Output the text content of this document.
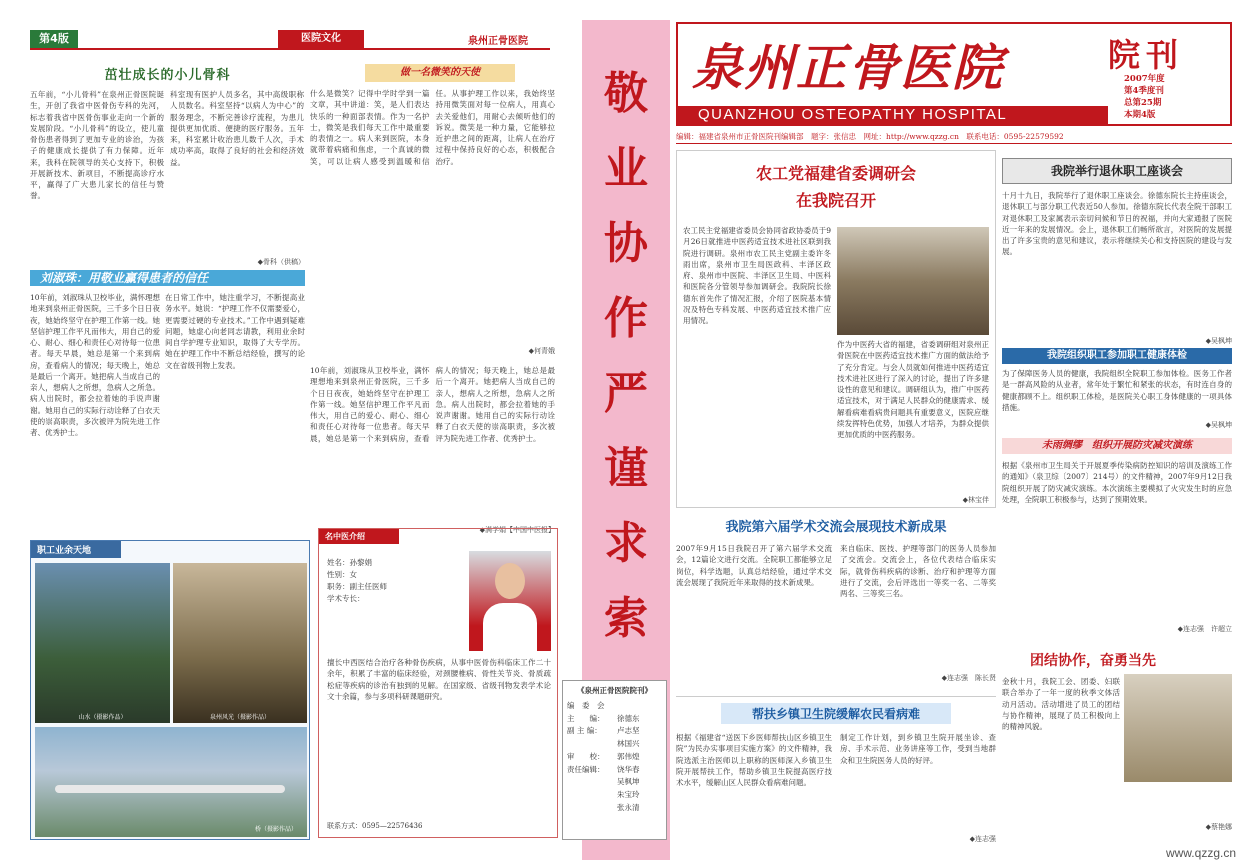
第4版	医院文化	泉州正骨医院
茁壮成长的小儿骨科
五年前，“小儿骨科”在泉州正骨医院诞生，开创了我省中医骨伤专科的先河，标志着我省中医骨伤事业走向一个新的发展阶段。“小儿骨科”的设立，使儿童骨伤患者得到了更加专业的诊治，为孩子的健康成长提供了有力保障。近年来，我科在院领导的关心支持下，积极开展新技术、新项目，不断提高诊疗水平，赢得了广大患儿家长的信任与赞誉。
科室现有医护人员多名，其中高级职称人员数名。科室坚持“以病人为中心”的服务理念，不断完善诊疗流程，为患儿提供更加优质、便捷的医疗服务。五年来，科室累计收治患儿数千人次，手术成功率高，取得了良好的社会和经济效益。
◆骨科（供稿）
做一名微笑的天使
什么是微笑？记得中学时学到一篇文章，其中讲道：笑，是人们表达快乐的一种面部表情。作为一名护士，微笑是我们每天工作中最重要的表情之一。病人来到医院，本身就带着病痛和焦虑，一个真诚的微笑，可以让病人感受到温暖和信任。从事护理工作以来，我始终坚持用微笑面对每一位病人，用真心去关爱他们，用耐心去倾听他们的诉说。微笑是一种力量，它能够拉近护患之间的距离，让病人在治疗过程中保持良好的心态，积极配合治疗。
◆何青娥
刘淑珠：用敬业赢得患者的信任
10年前，刘淑珠从卫校毕业，满怀理想地来到泉州正骨医院，三千多个日日夜夜，她始终坚守在护理工作第一线。她坚信护理工作平凡而伟大，用自己的爱心、耐心、细心和责任心对待每一位患者。每天早晨，她总是第一个来到病房，查看病人的情况；每天晚上，她总是最后一个离开。她把病人当成自己的亲人，想病人之所想，急病人之所急。病人出院时，都会拉着她的手说声谢谢。她用自己的实际行动诠释了白衣天使的崇高职责，多次被评为院先进工作者、优秀护士。
在日常工作中，她注重学习，不断提高业务水平。她说：“护理工作不仅需要爱心，更需要过硬的专业技术。”工作中遇到疑难问题，她虚心向老同志请教，利用业余时间自学护理专业知识，取得了大专学历。她在护理工作中不断总结经验，撰写的论文在省级刊物上发表。
10年前，刘淑珠从卫校毕业，满怀理想地来到泉州正骨医院，三千多个日日夜夜，她始终坚守在护理工作第一线。她坚信护理工作平凡而伟大，用自己的爱心、耐心、细心和责任心对待每一位患者。每天早晨，她总是第一个来到病房，查看病人的情况；每天晚上，她总是最后一个离开。她把病人当成自己的亲人，想病人之所想，急病人之所急。病人出院时，都会拉着她的手说声谢谢。她用自己的实际行动诠释了白衣天使的崇高职责，多次被评为院先进工作者、优秀护士。
◆满学娟【中国中医报】
职工业余天地
山水（摄影作品）	泉州风光（摄影作品）
桥（摄影作品）
名中医介绍
姓名：孙黎娟
性别：女
职务：副主任医师
学术专长：
擅长中西医结合治疗各种骨伤疾病，从事中医骨伤科临床工作二十余年，积累了丰富的临床经验，对颈腰椎病、骨性关节炎、骨质疏松症等疾病的诊治有独到的见解。在国家级、省级刊物发表学术论文十余篇，参与多项科研课题研究。
联系方式：0595—22576436
敬
业
协
作
严
谨
求
索
《泉州正骨医院院刊》
编　委　会
主　　编：	徐德东
副 主 编：	卢志坚
林国兴
审　　校：	郭伟煌
责任编辑：	饶华春
吴枫坤
朱宝玲
张永清
泉州正骨医院	院刊
2007年度
第4季度刊
总第25期
本期4版
QUANZHOU OSTEOPATHY HOSPITAL
编辑：福建省泉州市正骨医院刊编辑部　题字：张信忠　网址：http://www.qzzg.cn　联系电话：0595-22579592
农工党福建省委调研会
在我院召开
农工民主党福建省委员会协同省政协委员于9月26日就推进中医药适宜技术进社区联到我院进行调研。泉州市农工民主党副主委许冬雨出席，泉州市卫生局医政科、丰泽区政府、泉州市中医院、丰泽区卫生局、中医科和医院各分管领导参加调研会。我院院长徐德东首先作了情况汇报，介绍了医院基本情况及特色专科发展、中医药适宜技术推广应用情况。
作为中医药大省的福建，省委调研组对泉州正骨医院在中医药适宜技术推广方面的做法给予了充分肯定。与会人员就如何推进中医药适宜技术进社区进行了深入的讨论，提出了许多建设性的意见和建议。调研组认为，推广中医药适宜技术，对于满足人民群众的健康需求、缓解看病难看病贵问题具有重要意义，医院应继续发挥特色优势，加强人才培养，为群众提供更加优质的中医药服务。
◆林宝伴
我院举行退休职工座谈会
十月十九日，我院举行了退休职工座谈会。徐德东院长主持座谈会，退休职工与部分职工代表近50人参加。徐德东院长代表全院干部职工对退休职工及家属表示亲切问候和节日的祝福，并向大家通报了医院近一年来的发展情况。会上，退休职工们畅所欲言，对医院的发展提出了许多宝贵的意见和建议，表示将继续关心和支持医院的建设与发展。
◆吴枫坤
我院组织职工参加职工健康体检
为了保障医务人员的健康，我院组织全院职工参加体检。医务工作者是一群高风险的从业者，常年处于繁忙和紧张的状态，有时连自身的健康都顾不上。组织职工体检，是医院关心职工身体健康的一项具体措施。
◆吴枫坤
未雨绸缪　组织开展防灾减灾演练
根据《泉州市卫生局关于开展夏季传染病防控知识的培训及演练工作的通知》（泉卫综〔2007〕214号）的文件精神，2007年9月12日我院组织开展了防灾减灾演练。本次演练主要模拟了火灾发生时的应急处理，全院职工积极参与，达到了预期效果。
◆连志强　许超立
团结协作，奋勇当先
金秋十月，我院工会、团委、妇联联合举办了一年一度的秋季文体活动月活动。活动增进了员工的团结与协作精神，展现了员工积极向上的精神风貌。
◆蔡艳娜
我院第六届学术交流会展现技术新成果
2007年9月15日我院召开了第六届学术交流会，12篇论文进行交流。全院职工都能够立足岗位，科学选题，认真总结经验，通过学术交流会展现了我院近年来取得的技术新成果。
来自临床、医技、护理等部门的医务人员参加了交流会。交流会上，各位代表结合临床实际，就骨伤科疾病的诊断、治疗和护理等方面进行了交流，会后评选出一等奖一名、二等奖两名、三等奖三名。
◆连志强　陈长贤
帮扶乡镇卫生院缓解农民看病难
根据《福建省“送医下乡医师帮扶山区乡镇卫生院”为民办实事项目实施方案》的文件精神，我院选派主治医师以上职称的医师深入乡镇卫生院开展帮扶工作，帮助乡镇卫生院提高医疗技术水平，缓解山区人民群众看病难问题。
制定工作计划，到乡镇卫生院开展坐诊、查房、手术示范、业务讲座等工作，受到当地群众和卫生院医务人员的好评。
◆连志强
www.qzzg.cn
